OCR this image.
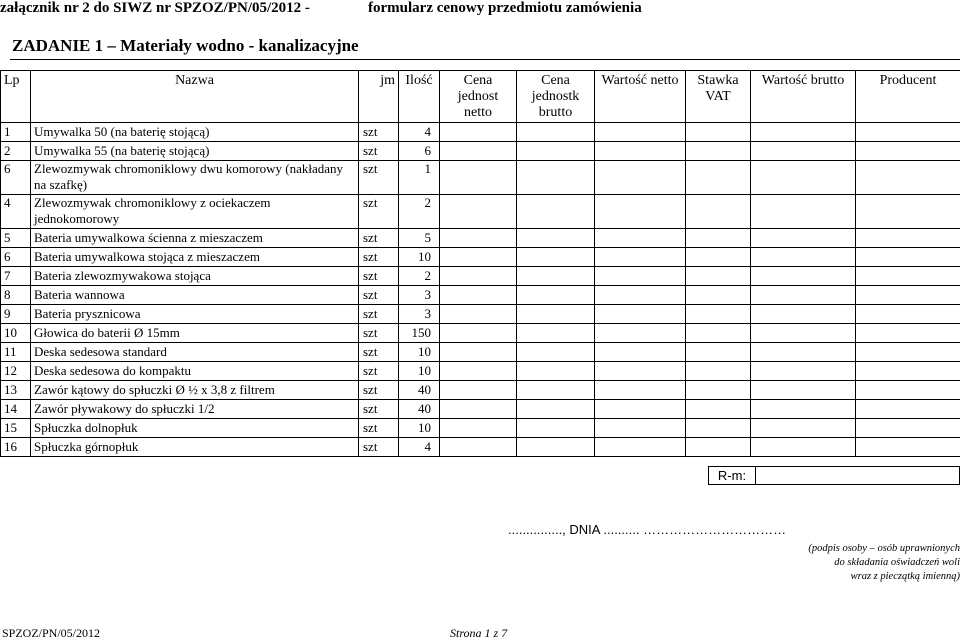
załącznik nr 2 do SIWZ nr SPZOZ/PN/05/2012 -	formularz cenowy przedmiotu zamówienia
ZADANIE 1 – Materiały wodno - kanalizacyjne
Lp	Nazwa	jm	Ilość	Cena jednost netto	Cena jednostk brutto	Wartość netto	Stawka VAT	Wartość brutto	Producent
1	Umywalka 50 (na baterię stojącą)	szt	4						
2	Umywalka 55 (na baterię stojącą)	szt	6						
6	Zlewozmywak chromoniklowy dwu komorowy (nakładany na szafkę)	szt	1						
4	Zlewozmywak chromoniklowy z ociekaczem jednokomorowy	szt	2						
5	Bateria umywalkowa ścienna z mieszaczem	szt	5						
6	Bateria umywalkowa stojąca z mieszaczem	szt	10						
7	Bateria zlewozmywakowa stojąca	szt	2						
8	Bateria wannowa	szt	3						
9	Bateria prysznicowa	szt	3						
10	Głowica do baterii Ø 15mm	szt	150						
11	Deska sedesowa standard	szt	10						
12	Deska sedesowa do kompaktu	szt	10						
13	Zawór kątowy do spłuczki Ø ½ x 3,8 z filtrem	szt	40						
14	Zawór pływakowy do spłuczki 1/2	szt	40						
15	Spłuczka dolnopłuk	szt	10						
16	Spłuczka górnopłuk	szt	4						
R-m:
..............., DNIA .......... ……………………………
(podpis osoby – osób uprawnionych
do składania oświadczeń woli
wraz z pieczątką imienną)
SPZOZ/PN/05/2012	Strona 1 z 7
